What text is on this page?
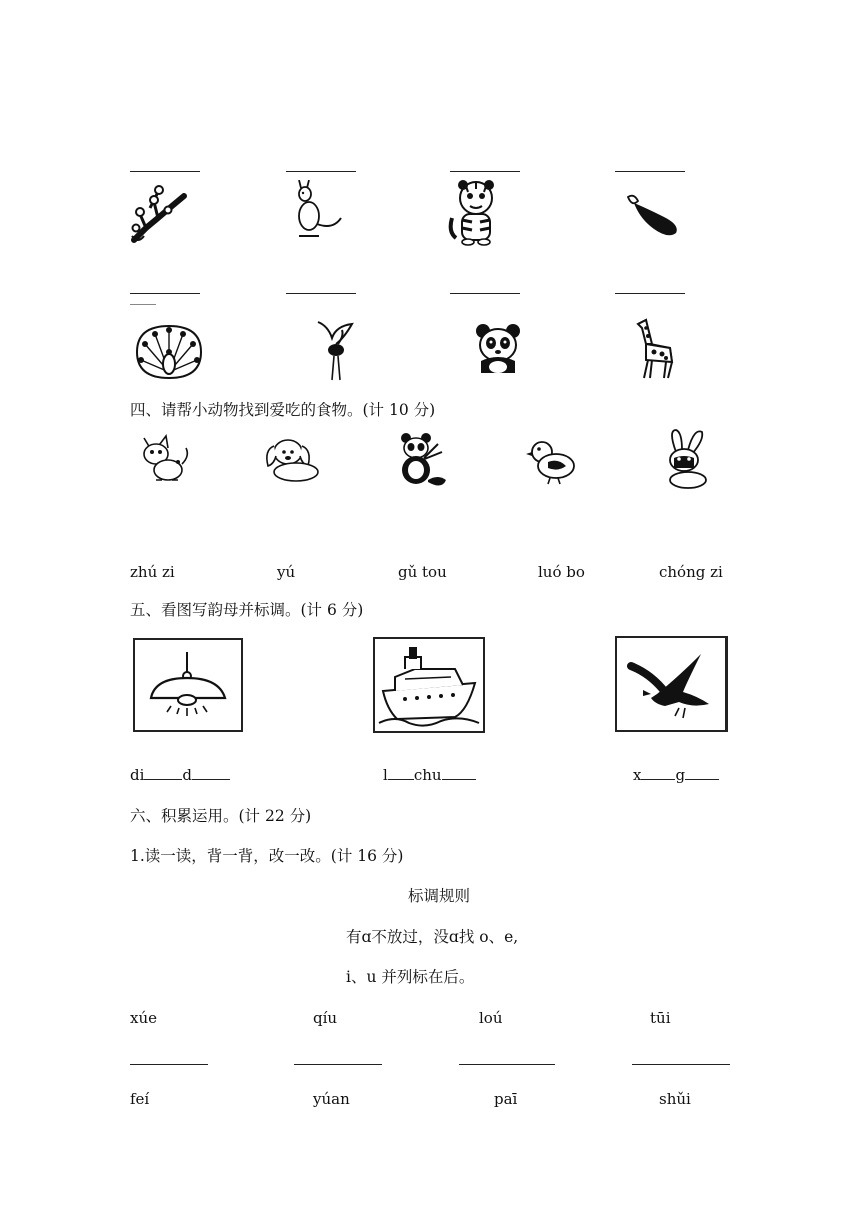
四、请帮小动物找到爱吃的食物。(计 10 分)
zhú zi	yú	gǔ tou	luó bo	chóng zi
五、看图写韵母并标调。(计 6 分)
di	d	l chu	x g
六、积累运用。(计 22 分)
1.读一读，背一背，改一改。(计 16 分)
标调规则
有ɑ不放过，没ɑ找 o、e,
i、u 并列标在后。
xúe	qíu	loú	tūi
feí	yúan	paī	shǔi
